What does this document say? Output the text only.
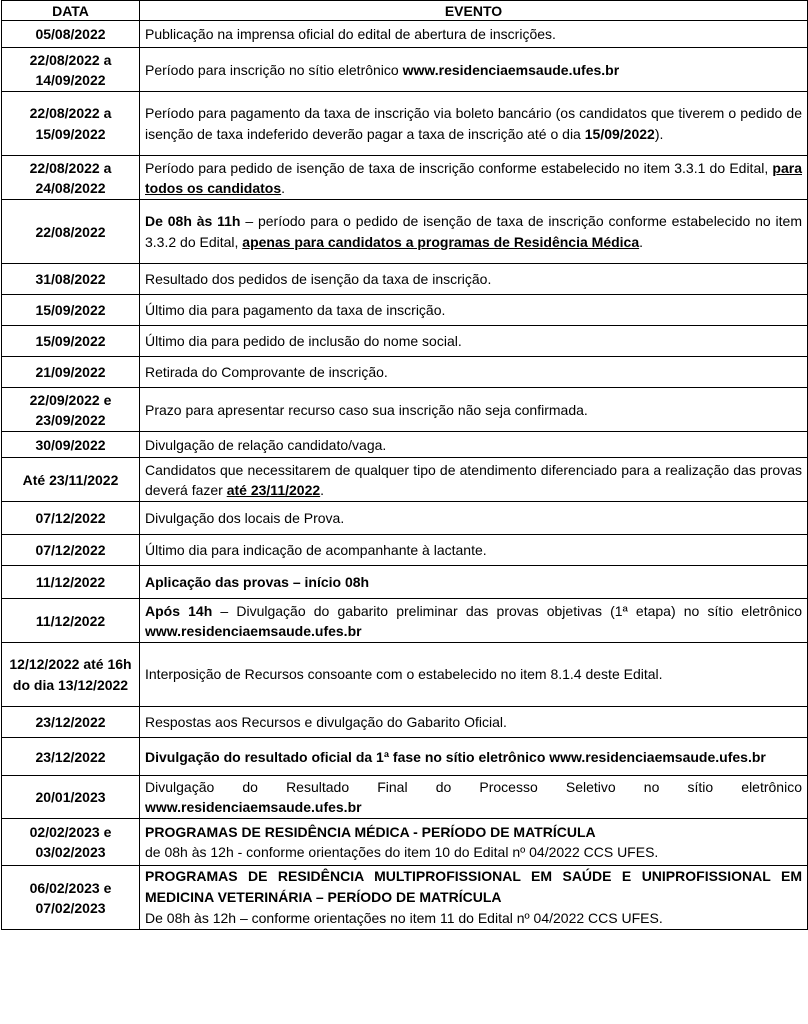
DATA	EVENTO
05/08/2022	Publicação na imprensa oficial do edital de abertura de inscrições.
22/08/2022 a 14/09/2022	Período para inscrição no sítio eletrônico www.residenciaemsaude.ufes.br
22/08/2022 a 15/09/2022	Período para pagamento da taxa de inscrição via boleto bancário (os candidatos que tiverem o pedido de isenção de taxa indeferido deverão pagar a taxa de inscrição até o dia 15/09/2022).
22/08/2022 a 24/08/2022	Período para pedido de isenção de taxa de inscrição conforme estabelecido no item 3.3.1 do Edital, para todos os candidatos.
22/08/2022	De 08h às 11h – período para o pedido de isenção de taxa de inscrição conforme estabelecido no item 3.3.2 do Edital, apenas para candidatos a programas de Residência Médica.
31/08/2022	Resultado dos pedidos de isenção da taxa de inscrição.
15/09/2022	Último dia para pagamento da taxa de inscrição.
15/09/2022	Último dia para pedido de inclusão do nome social.
21/09/2022	Retirada do Comprovante de inscrição.
22/09/2022 e 23/09/2022	Prazo para apresentar recurso caso sua inscrição não seja confirmada.
30/09/2022	Divulgação de relação candidato/vaga.
Até 23/11/2022	Candidatos que necessitarem de qualquer tipo de atendimento diferenciado para a realização das provas deverá fazer até 23/11/2022.
07/12/2022	Divulgação dos locais de Prova.
07/12/2022	Último dia para indicação de acompanhante à lactante.
11/12/2022	Aplicação das provas – início 08h
11/12/2022	Após 14h – Divulgação do gabarito preliminar das provas objetivas (1ª etapa) no sítio eletrônico www.residenciaemsaude.ufes.br
12/12/2022 até 16h do dia 13/12/2022	Interposição de Recursos consoante com o estabelecido no item 8.1.4 deste Edital.
23/12/2022	Respostas aos Recursos e divulgação do Gabarito Oficial.
23/12/2022	Divulgação do resultado oficial da 1ª fase no sítio eletrônico www.residenciaemsaude.ufes.br
20/01/2023	Divulgação do Resultado Final do Processo Seletivo no sítio eletrônico www.residenciaemsaude.ufes.br
02/02/2023 e 03/02/2023	PROGRAMAS DE RESIDÊNCIA MÉDICA - PERÍODO DE MATRÍCULA
de 08h às 12h - conforme orientações do item 10 do Edital nº 04/2022 CCS UFES.
06/02/2023 e 07/02/2023	PROGRAMAS DE RESIDÊNCIA MULTIPROFISSIONAL EM SAÚDE E UNIPROFISSIONAL EM MEDICINA VETERINÁRIA – PERÍODO DE MATRÍCULA
De 08h às 12h – conforme orientações no item 11 do Edital nº 04/2022 CCS UFES.
